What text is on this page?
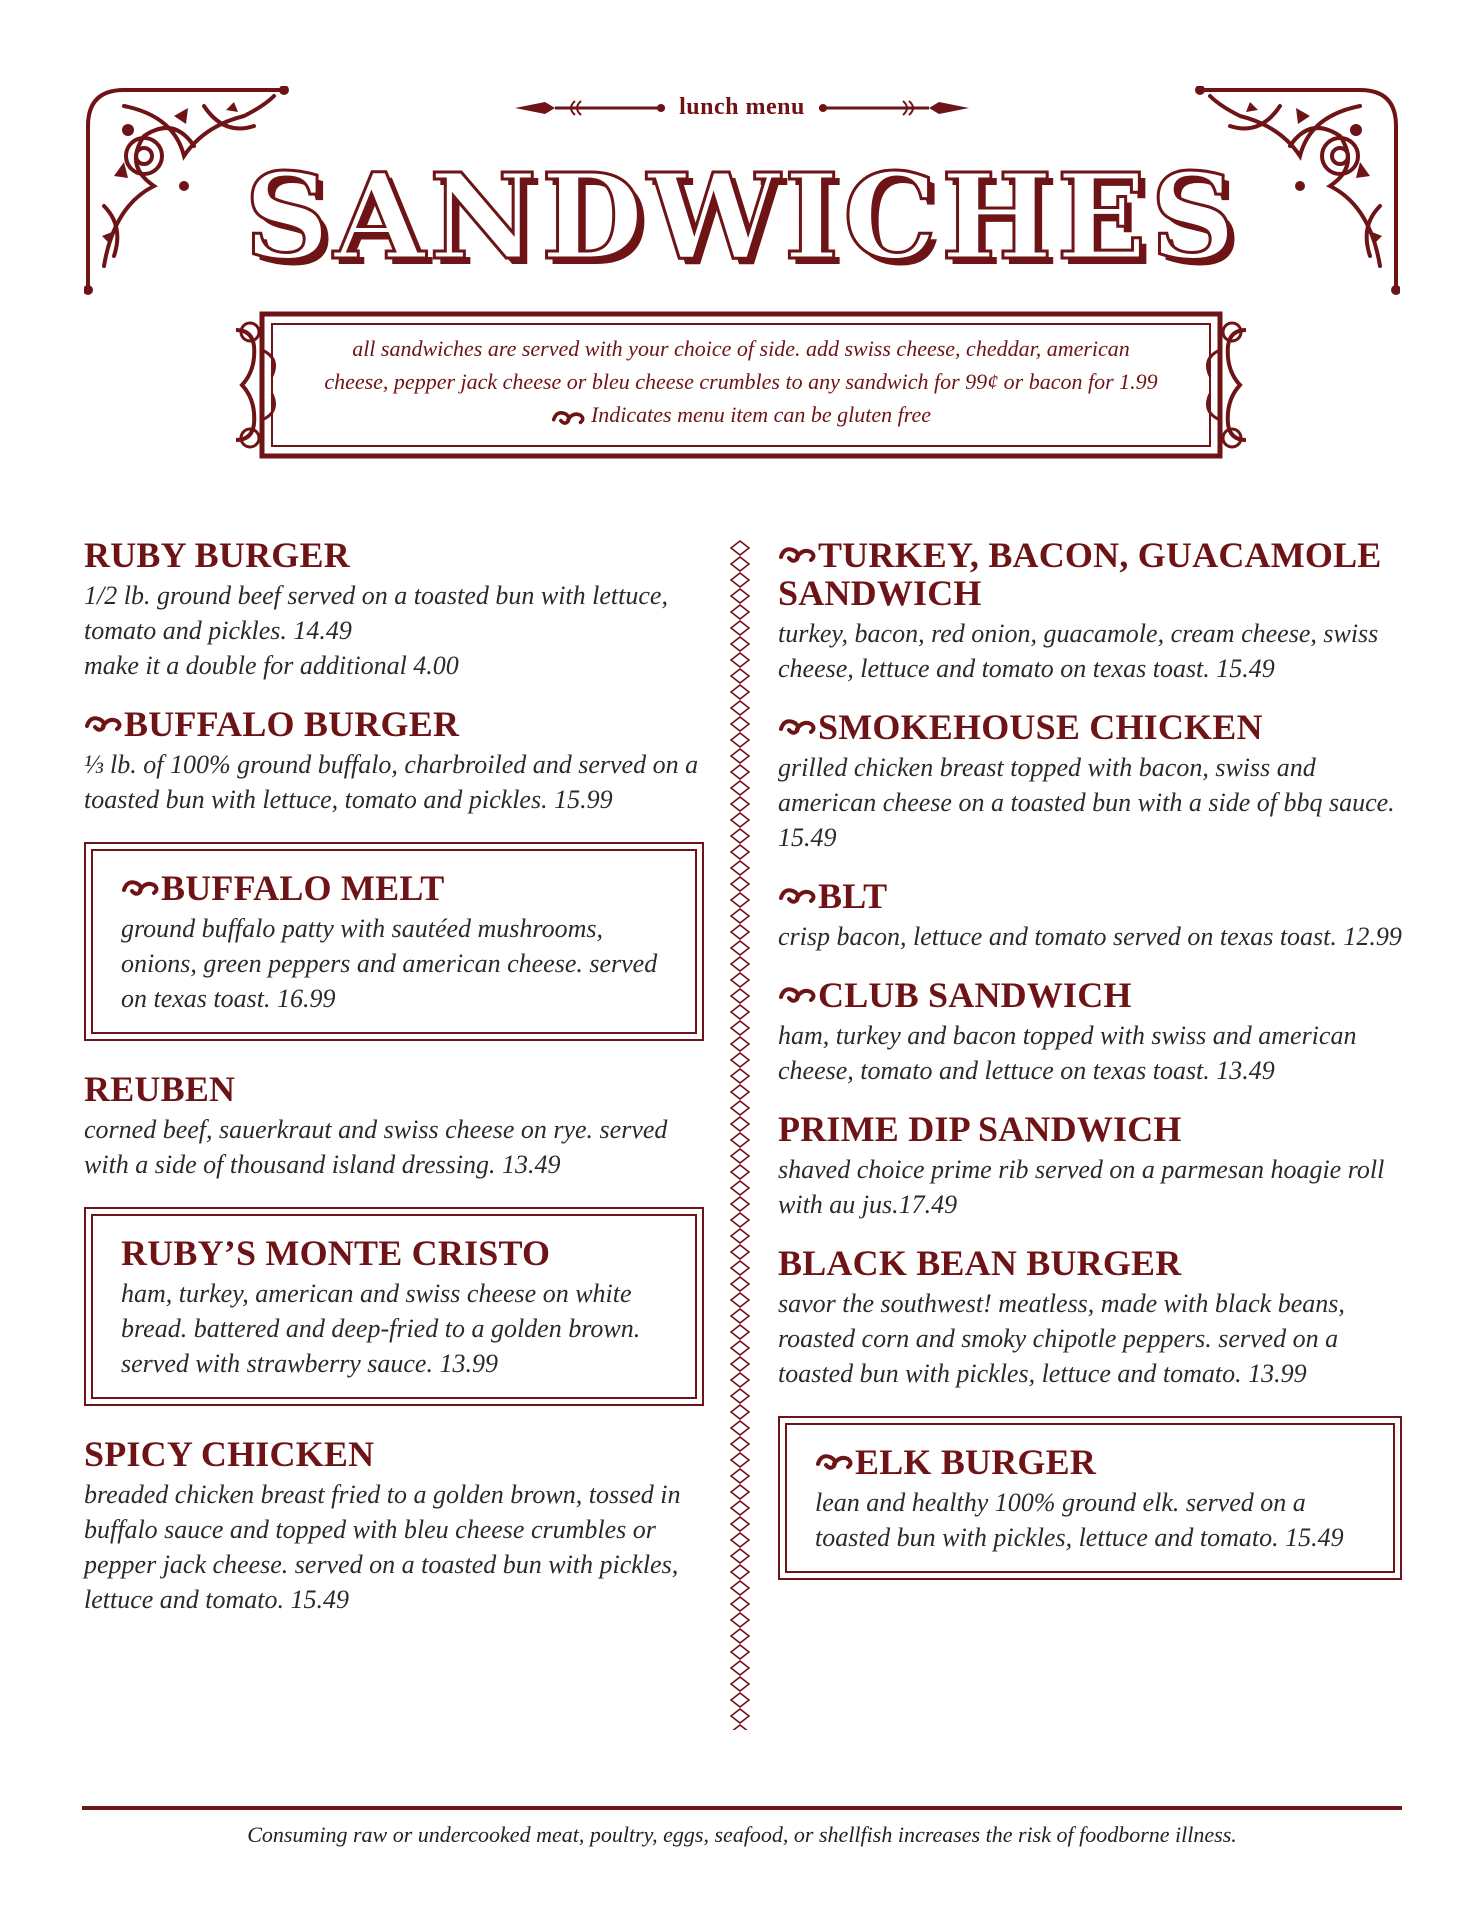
lunch menu
SANDWICHES
all sandwiches are served with your choice of side. add swiss cheese, cheddar, american
cheese, pepper jack cheese or bleu cheese crumbles to any sandwich for 99¢ or bacon for 1.99
Indicates menu item can be gluten free
RUBY BURGER

1/2 lb. ground beef served on a toasted bun with lettuce, tomato and pickles. 14.49

make it a double for additional 4.00

BUFFALO BURGER

⅓ lb. of 100% ground buffalo, charbroiled and served on a toasted bun with lettuce, tomato and pickles. 15.99

BUFFALO MELT

ground buffalo patty with sautéed mushrooms, onions, green peppers and american cheese. served on texas toast. 16.99

REUBEN

corned beef, sauerkraut and swiss cheese on rye. served with a side of thousand island dressing. 13.49

RUBY’S MONTE CRISTO

ham, turkey, american and swiss cheese on white bread. battered and deep-fried to a golden brown. served with strawberry sauce. 13.99

SPICY CHICKEN

breaded chicken breast fried to a golden brown, tossed in buffalo sauce and topped with bleu cheese crumbles or pepper jack cheese. served on a toasted bun with pickles, lettuce and tomato. 15.49

TURKEY, BACON, GUACAMOLE SANDWICH

turkey, bacon, red onion, guacamole, cream cheese, swiss cheese, lettuce and tomato on texas toast. 15.49

SMOKEHOUSE CHICKEN

grilled chicken breast topped with bacon, swiss and american cheese on a toasted bun with a side of bbq sauce. 15.49

BLT

crisp bacon, lettuce and tomato served on texas toast. 12.99

CLUB SANDWICH

ham, turkey and bacon topped with swiss and american cheese, tomato and lettuce on texas toast. 13.49

PRIME DIP SANDWICH

shaved choice prime rib served on a parmesan hoagie roll with au jus.17.49

BLACK BEAN BURGER

savor the southwest! meatless, made with black beans, roasted corn and smoky chipotle peppers. served on a toasted bun with pickles, lettuce and tomato. 13.99

ELK BURGER

lean and healthy 100% ground elk. served on a toasted bun with pickles, lettuce and tomato. 15.49

Consuming raw or undercooked meat, poultry, eggs, seafood, or shellfish increases the risk of foodborne illness.
